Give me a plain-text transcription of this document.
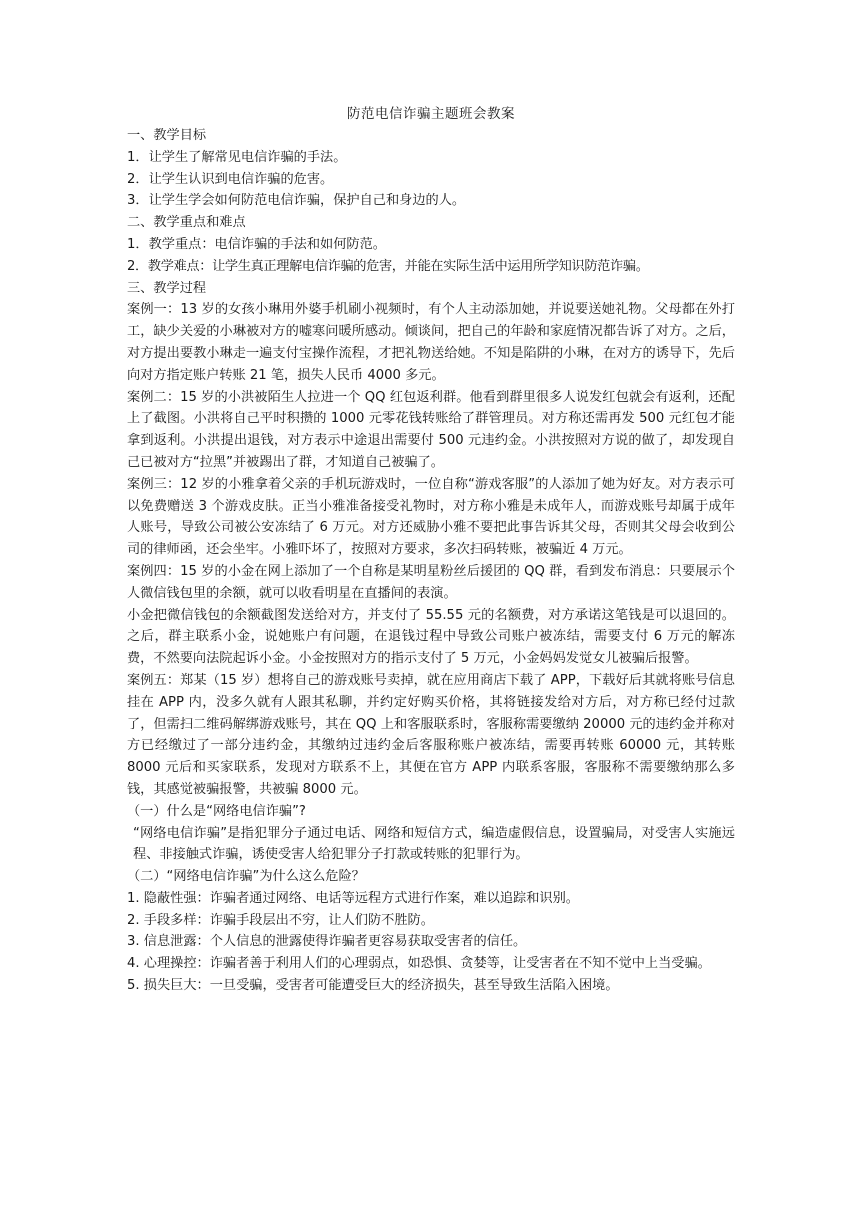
防范电信诈骗主题班会教案

一、教学目标

1．让学生了解常见电信诈骗的手法。

2．让学生认识到电信诈骗的危害。

3．让学生学会如何防范电信诈骗，保护自己和身边的人。

二、教学重点和难点

1．教学重点：电信诈骗的手法和如何防范。

2．教学难点：让学生真正理解电信诈骗的危害，并能在实际生活中运用所学知识防范诈骗。

三、教学过程

案例一：13 岁的女孩小琳用外婆手机刷小视频时，有个人主动添加她，并说要送她礼物。父母都在外打工，缺少关爱的小琳被对方的嘘寒问暖所感动。倾谈间，把自己的年龄和家庭情况都告诉了对方。之后，对方提出要教小琳走一遍支付宝操作流程，才把礼物送给她。不知是陷阱的小琳，在对方的诱导下，先后向对方指定账户转账 21 笔，损失人民币 4000 多元。

案例二：15 岁的小洪被陌生人拉进一个 QQ 红包返利群。他看到群里很多人说发红包就会有返利，还配上了截图。小洪将自己平时积攒的 1000 元零花钱转账给了群管理员。对方称还需再发 500 元红包才能拿到返利。小洪提出退钱，对方表示中途退出需要付 500 元违约金。小洪按照对方说的做了，却发现自己已被对方“拉黑”并被踢出了群，才知道自己被骗了。

案例三：12 岁的小雅拿着父亲的手机玩游戏时，一位自称“游戏客服”的人添加了她为好友。对方表示可以免费赠送 3 个游戏皮肤。正当小雅准备接受礼物时，对方称小雅是未成年人，而游戏账号却属于成年人账号，导致公司被公安冻结了 6 万元。对方还威胁小雅不要把此事告诉其父母，否则其父母会收到公司的律师函，还会坐牢。小雅吓坏了，按照对方要求，多次扫码转账，被骗近 4 万元。

案例四：15 岁的小金在网上添加了一个自称是某明星粉丝后援团的 QQ 群，看到发布消息：只要展示个人微信钱包里的余额，就可以收看明星在直播间的表演。

小金把微信钱包的余额截图发送给对方，并支付了 55.55 元的名额费，对方承诺这笔钱是可以退回的。之后，群主联系小金，说她账户有问题，在退钱过程中导致公司账户被冻结，需要支付 6 万元的解冻费，不然要向法院起诉小金。小金按照对方的指示支付了 5 万元，小金妈妈发觉女儿被骗后报警。

案例五：郑某（15 岁）想将自己的游戏账号卖掉，就在应用商店下载了 APP，下载好后其就将账号信息挂在 APP 内，没多久就有人跟其私聊，并约定好购买价格，其将链接发给对方后，对方称已经付过款了，但需扫二维码解绑游戏账号，其在 QQ 上和客服联系时，客服称需要缴纳 20000 元的违约金并称对方已经缴过了一部分违约金，其缴纳过违约金后客服称账户被冻结，需要再转账 60000 元，其转账 8000 元后和买家联系，发现对方联系不上，其便在官方 APP 内联系客服，客服称不需要缴纳那么多钱，其感觉被骗报警，共被骗 8000 元。

（一）什么是“网络电信诈骗”?

“网络电信诈骗”是指犯罪分子通过电话、网络和短信方式，编造虚假信息，设置骗局，对受害人实施远程、非接触式诈骗，诱使受害人给犯罪分子打款或转账的犯罪行为。

（二）“网络电信诈骗”为什么这么危险？

1. 隐蔽性强：诈骗者通过网络、电话等远程方式进行作案，难以追踪和识别。

2. 手段多样：诈骗手段层出不穷，让人们防不胜防。

3. 信息泄露：个人信息的泄露使得诈骗者更容易获取受害者的信任。

4. 心理操控：诈骗者善于利用人们的心理弱点，如恐惧、贪婪等，让受害者在不知不觉中上当受骗。

5. 损失巨大：一旦受骗，受害者可能遭受巨大的经济损失，甚至导致生活陷入困境。
